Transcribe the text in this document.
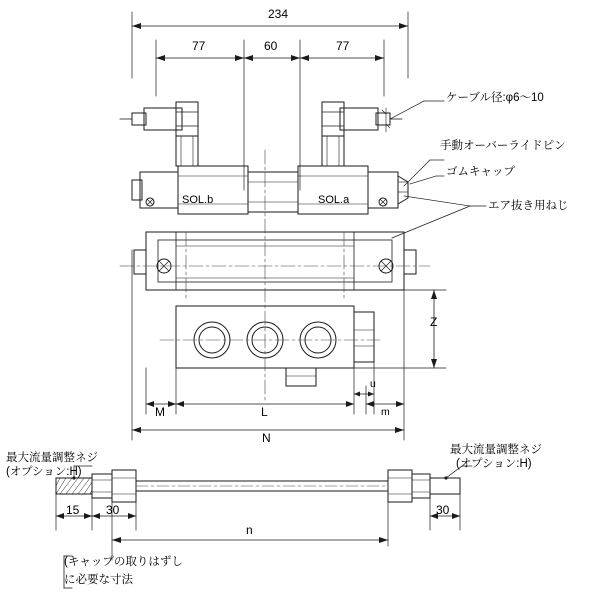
234
77	60	77
SOL.b	SOL.a
ケーブル径:φ6〜10
手動オーバーライドピン
ゴムキャップ
エア抜き用ねじ
Z
M	L
u
m
N
最大流量調整ネジ
(オプション:H)
最大流量調整ネジ
(オプション:H)
15 30	30
n
(キャップの取りはずし
に必要な寸法
